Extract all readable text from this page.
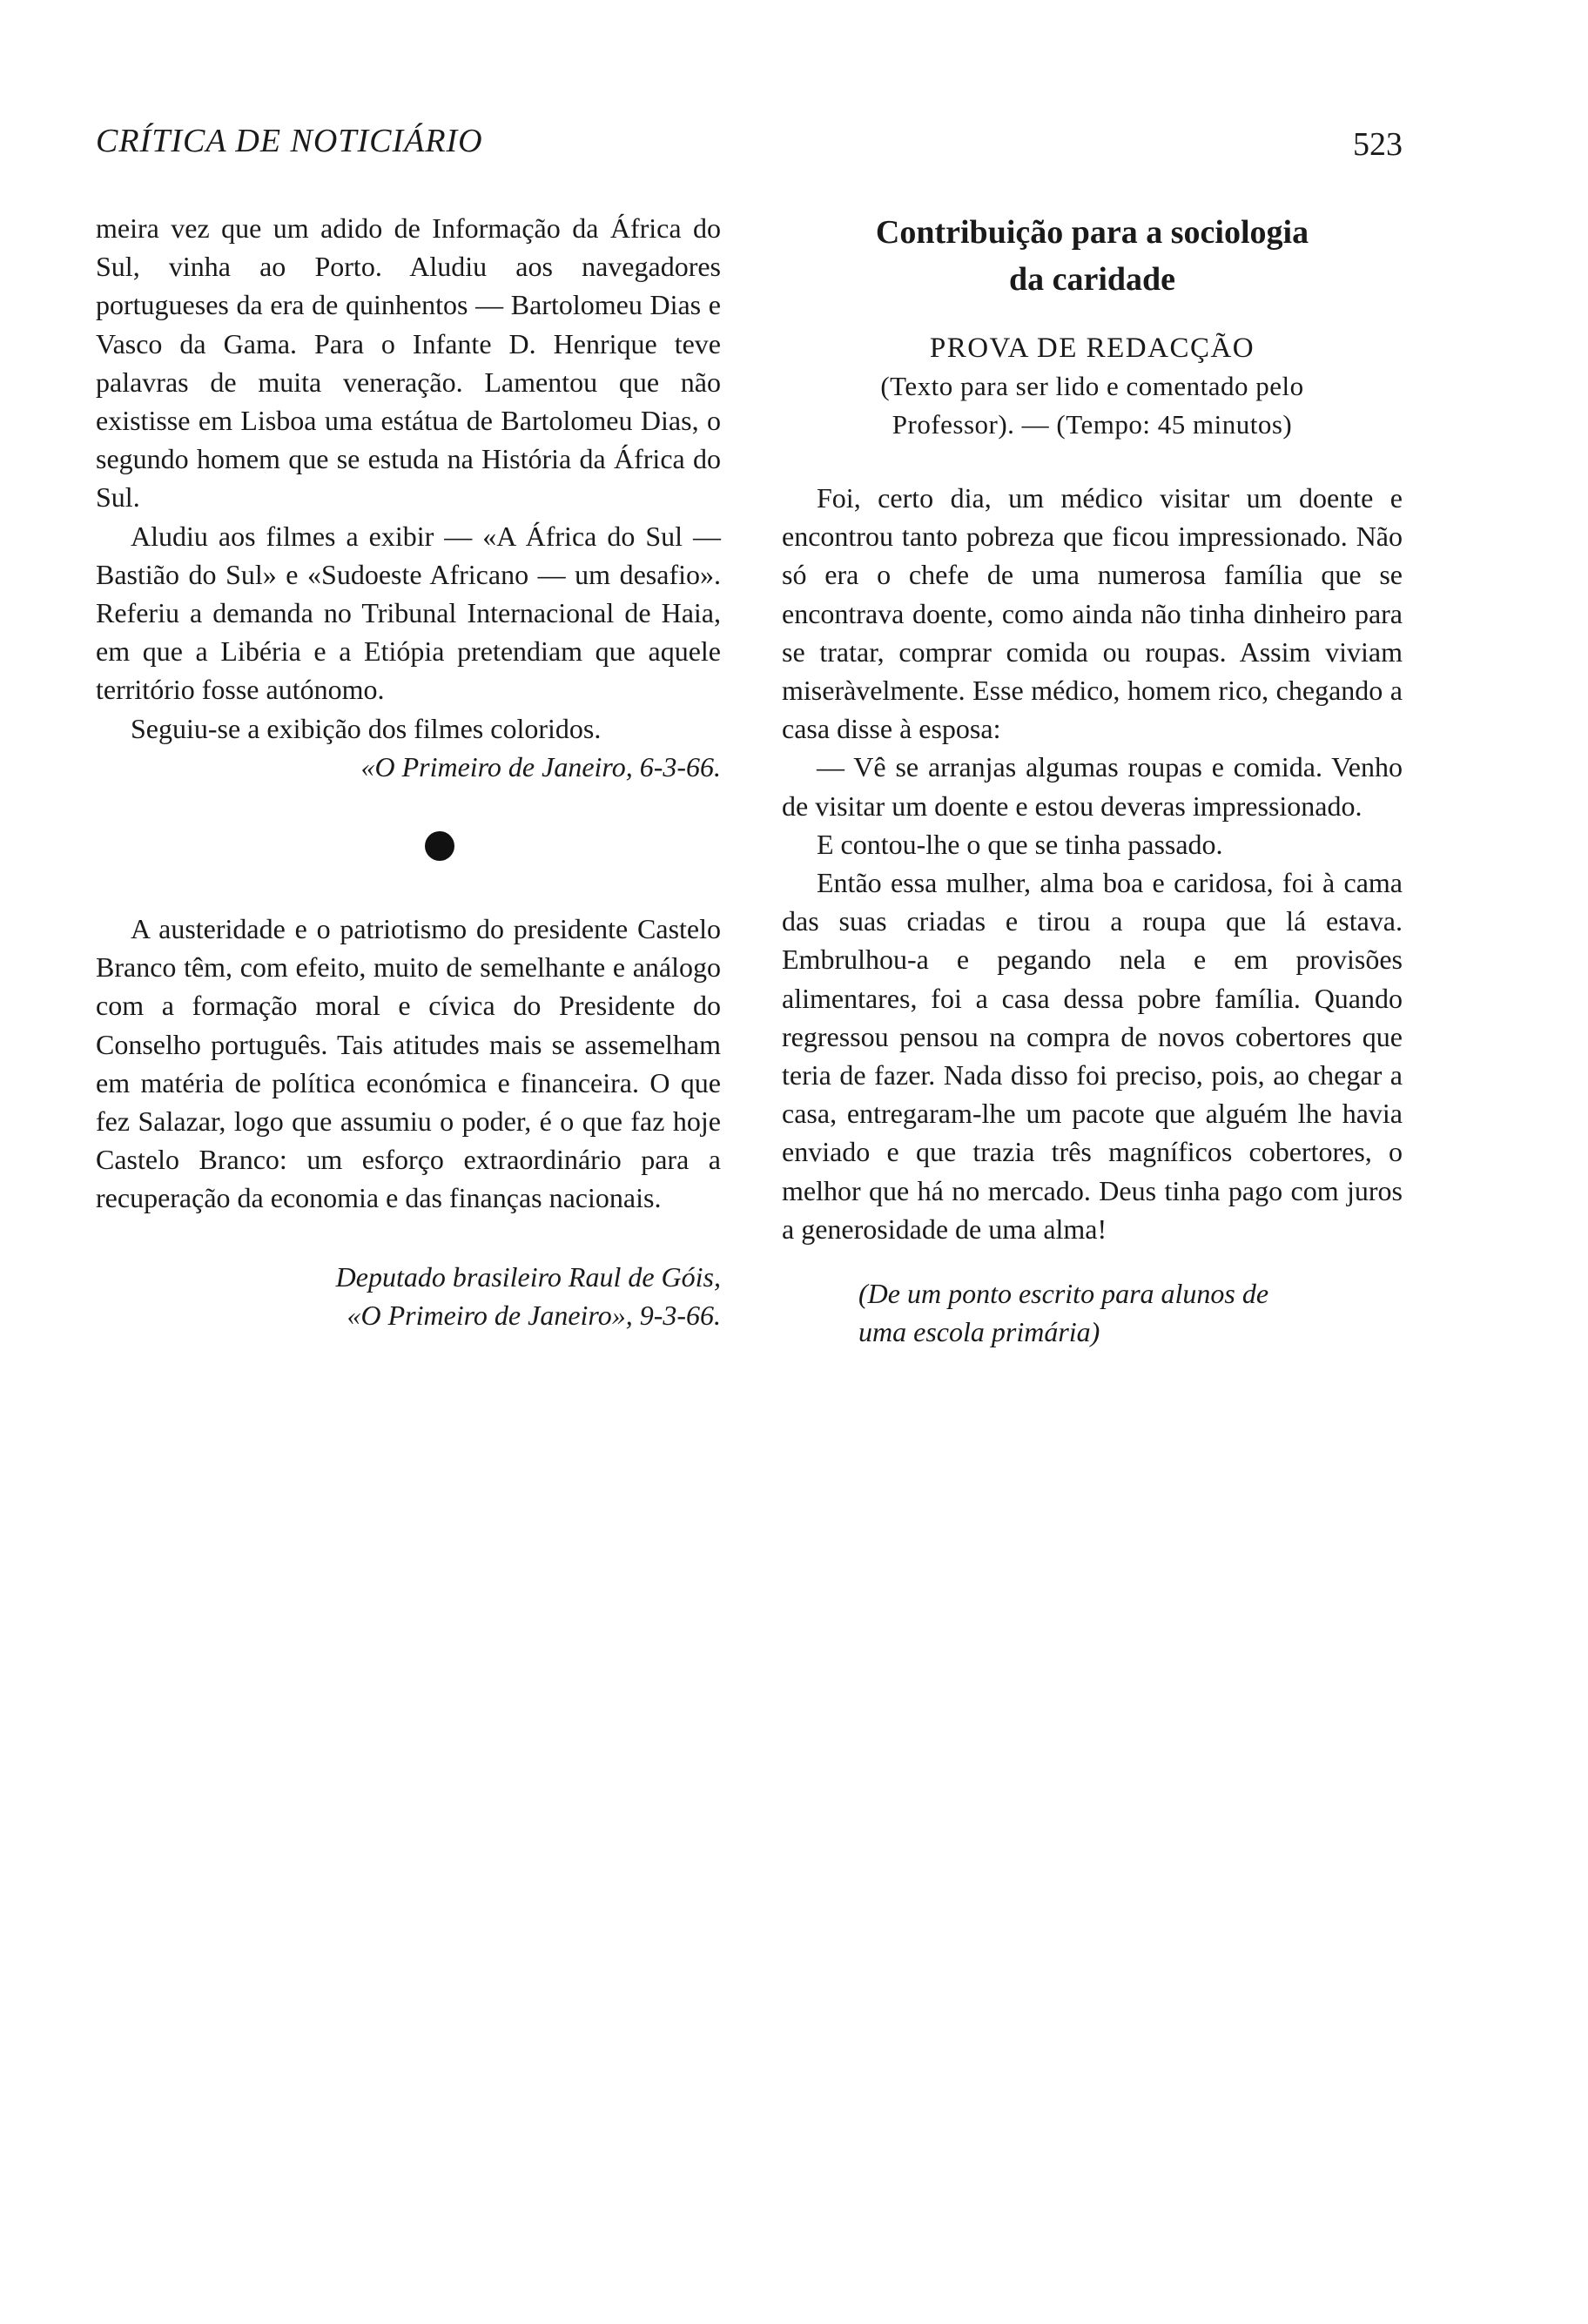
CRÍTICA DE NOTICIÁRIO	523

meira vez que um adido de Informação da África do Sul, vinha ao Porto. Aludiu aos navegadores portugueses da era de quinhentos — Bartolomeu Dias e Vasco da Gama. Para o Infante D. Henrique teve palavras de muita veneração. Lamentou que não existisse em Lisboa uma estátua de Bartolomeu Dias, o segundo homem que se estuda na História da África do Sul.

Aludiu aos filmes a exibir — «A África do Sul — Bastião do Sul» e «Sudoeste Africano — um desafio». Referiu a demanda no Tribunal Internacional de Haia, em que a Libéria e a Etiópia pretendiam que aquele território fosse autónomo.

Seguiu-se a exibição dos filmes coloridos.

«O Primeiro de Janeiro, 6-3-66.

A austeridade e o patriotismo do presidente Castelo Branco têm, com efeito, muito de semelhante e análogo com a formação moral e cívica do Presidente do Conselho português. Tais atitudes mais se assemelham em matéria de política económica e financeira. O que fez Salazar, logo que assumiu o poder, é o que faz hoje Castelo Branco: um esforço extraordinário para a recuperação da economia e das finanças nacionais.

Deputado brasileiro Raul de Góis,
«O Primeiro de Janeiro», 9-3-66.
Contribuição para a sociologia
da caridade

PROVA DE REDACÇÃO

(Texto para ser lido e comentado pelo
Professor). — (Tempo: 45 minutos)

Foi, certo dia, um médico visitar um doente e encontrou tanto pobreza que ficou impressionado. Não só era o chefe de uma numerosa família que se encontrava doente, como ainda não tinha dinheiro para se tratar, comprar comida ou roupas. Assim viviam miseràvelmente. Esse médico, homem rico, chegando a casa disse à esposa:

— Vê se arranjas algumas roupas e comida. Venho de visitar um doente e estou deveras impressionado.

E contou-lhe o que se tinha passado.

Então essa mulher, alma boa e caridosa, foi à cama das suas criadas e tirou a roupa que lá estava. Embrulhou-a e pegando nela e em provisões alimentares, foi a casa dessa pobre família. Quando regressou pensou na compra de novos cobertores que teria de fazer. Nada disso foi preciso, pois, ao chegar a casa, entregaram-lhe um pacote que alguém lhe havia enviado e que trazia três magníficos cobertores, o melhor que há no mercado. Deus tinha pago com juros a generosidade de uma alma!

(De um ponto escrito para alunos de
uma escola primária)
